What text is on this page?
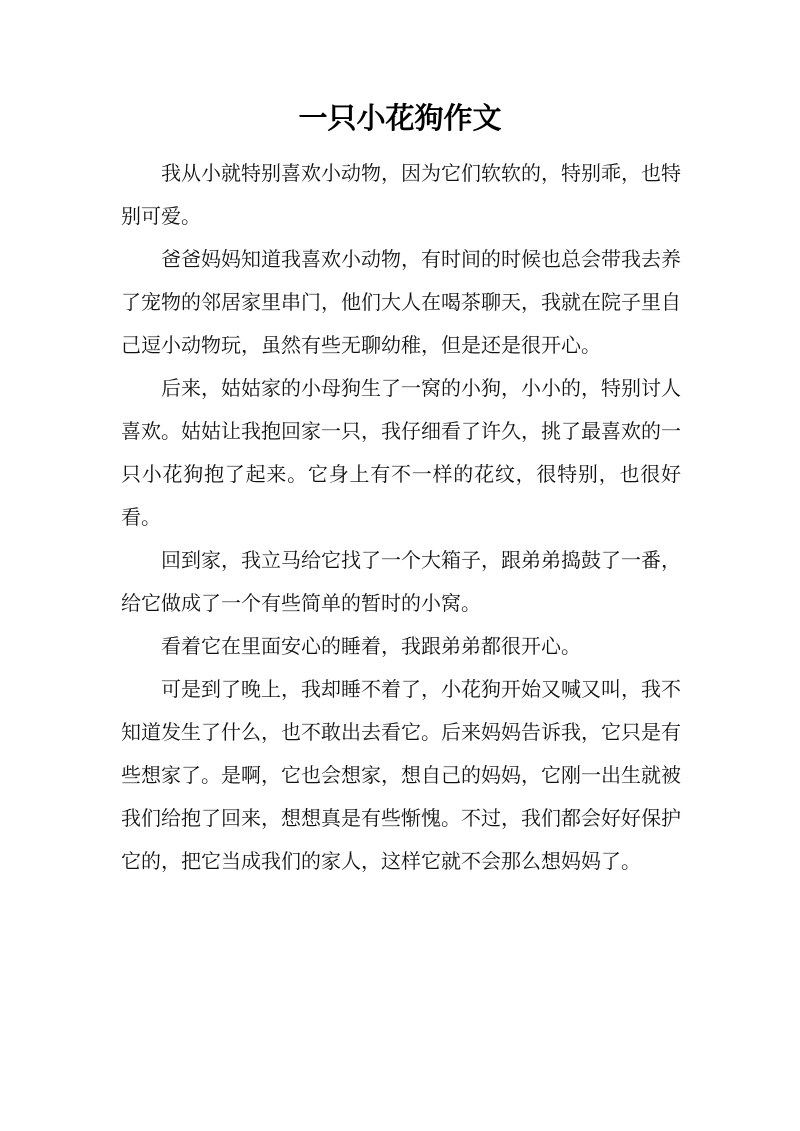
一只小花狗作文

我从小就特别喜欢小动物，因为它们软软的，特别乖，也特别可爱。

爸爸妈妈知道我喜欢小动物，有时间的时候也总会带我去养了宠物的邻居家里串门，他们大人在喝茶聊天，我就在院子里自己逗小动物玩，虽然有些无聊幼稚，但是还是很开心。

后来，姑姑家的小母狗生了一窝的小狗，小小的，特别讨人喜欢。姑姑让我抱回家一只，我仔细看了许久，挑了最喜欢的一只小花狗抱了起来。它身上有不一样的花纹，很特别，也很好看。

回到家，我立马给它找了一个大箱子，跟弟弟捣鼓了一番，给它做成了一个有些简单的暂时的小窝。

看着它在里面安心的睡着，我跟弟弟都很开心。

可是到了晚上，我却睡不着了，小花狗开始又喊又叫，我不知道发生了什么，也不敢出去看它。后来妈妈告诉我，它只是有些想家了。是啊，它也会想家，想自己的妈妈，它刚一出生就被我们给抱了回来，想想真是有些惭愧。不过，我们都会好好保护它的，把它当成我们的家人，这样它就不会那么想妈妈了。
